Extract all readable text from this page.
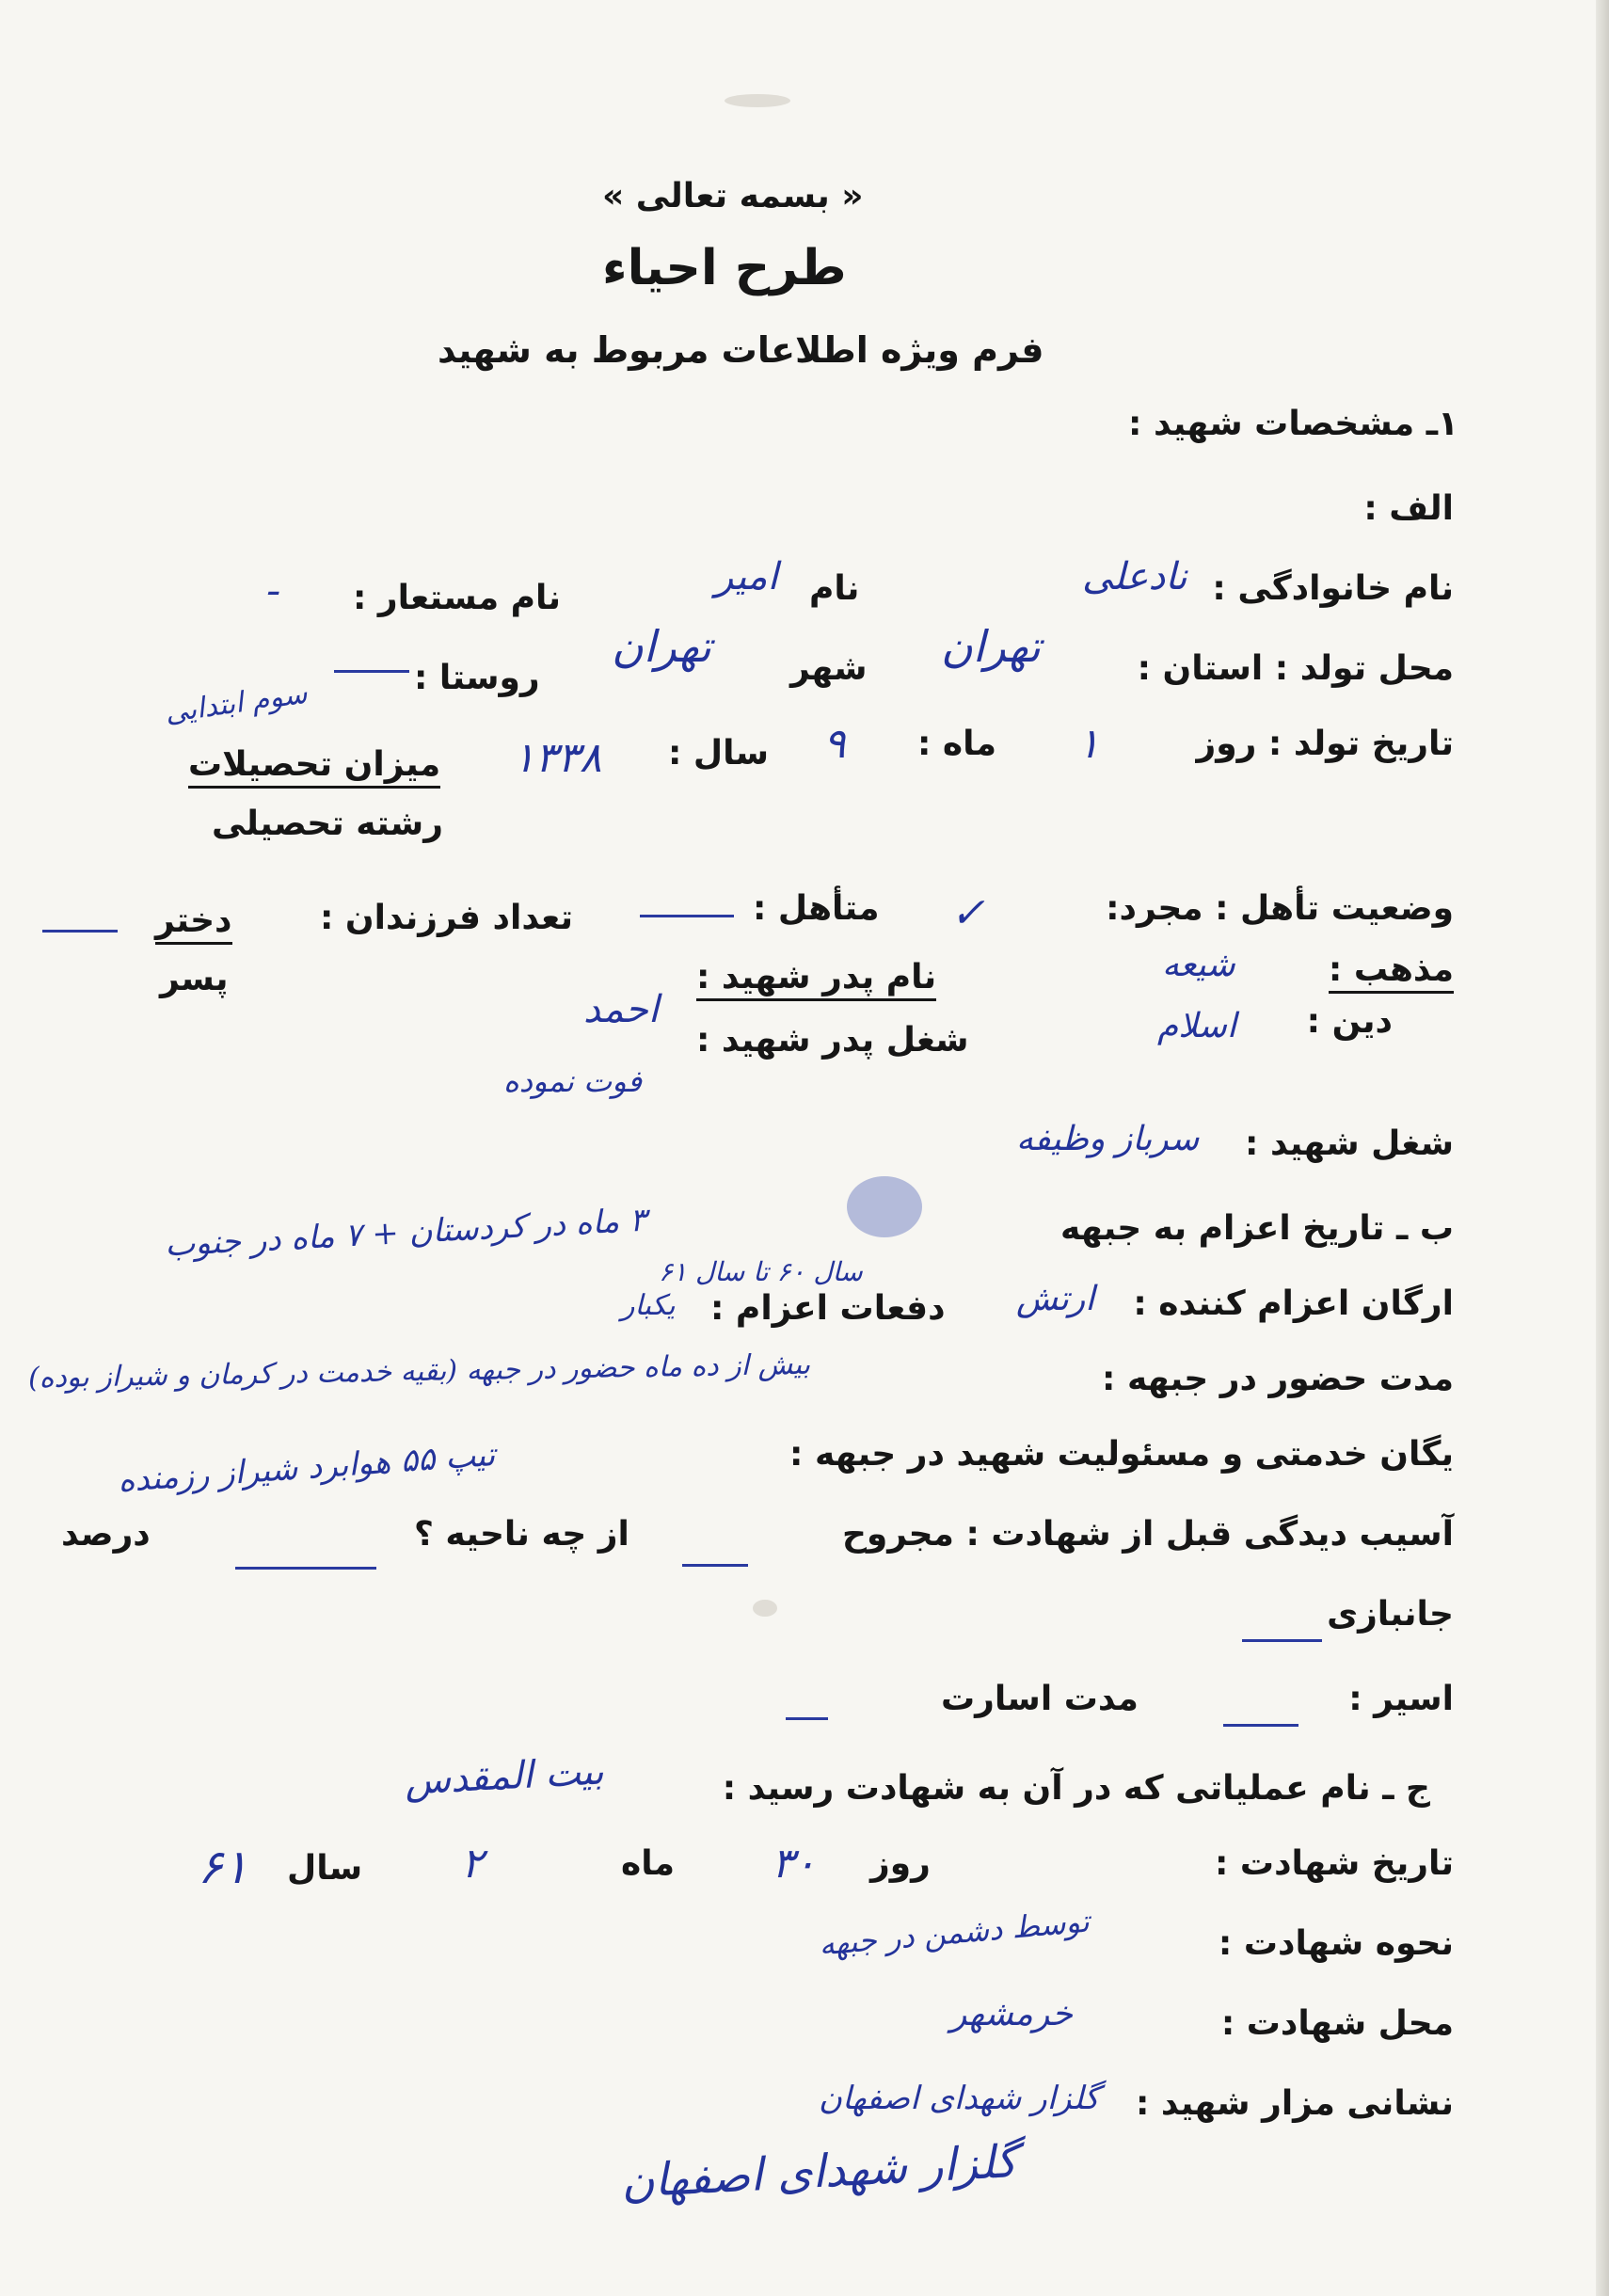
« بسمه تعالی »
طرح احیاء
فرم ویژه اطلاعات مربوط به شهید
۱ـ مشخصات شهید :
الف :
نام خانوادگی :
نادعلی
نام
امیر
نام مستعار :
ـ
محل تولد : استان :
تهران
شهر
تهران
روستا :
تاریخ تولد : روز
۱
ماه :
۹
سال :
۱۳۳۸
میزان تحصیلات
سوم ابتدایی
رشته تحصیلی
وضعیت تأهل : مجرد:
✓
متأهل :
تعداد فرزندان :
دختر
پسر	مذهب :
شیعه
دین :
اسلام
نام پدر شهید :
احمد
شغل پدر شهید :
فوت نموده
شغل شهید :
سرباز وظیفه
ب ـ تاریخ اعزام به جبهه
۳ ماه در کردستان + ۷ ماه در جنوب
سال ۶۰ تا سال ۶۱
ارگان اعزام کننده :
ارتش
دفعات اعزام :
یکبار
مدت حضور در جبهه :
بیش از ده ماه حضور در جبهه (بقیه خدمت در کرمان و شیراز بوده)
یگان خدمتی و مسئولیت شهید در جبهه :
تیپ ۵۵ هوابرد شیراز رزمنده
آسیب دیدگی قبل از شهادت : مجروح
از چه ناحیه ؟
درصد
جانبازی
اسیر :
مدت اسارت
ج ـ نام عملیاتی که در آن به شهادت رسید :
بیت المقدس
تاریخ شهادت :
روز
۳۰
ماه
۲
سال
۶۱
نحوه شهادت :
توسط دشمن در جبهه
محل شهادت :
خرمشهر
نشانی مزار شهید :
گلزار شهدای اصفهان
گلزار شهدای اصفهان
